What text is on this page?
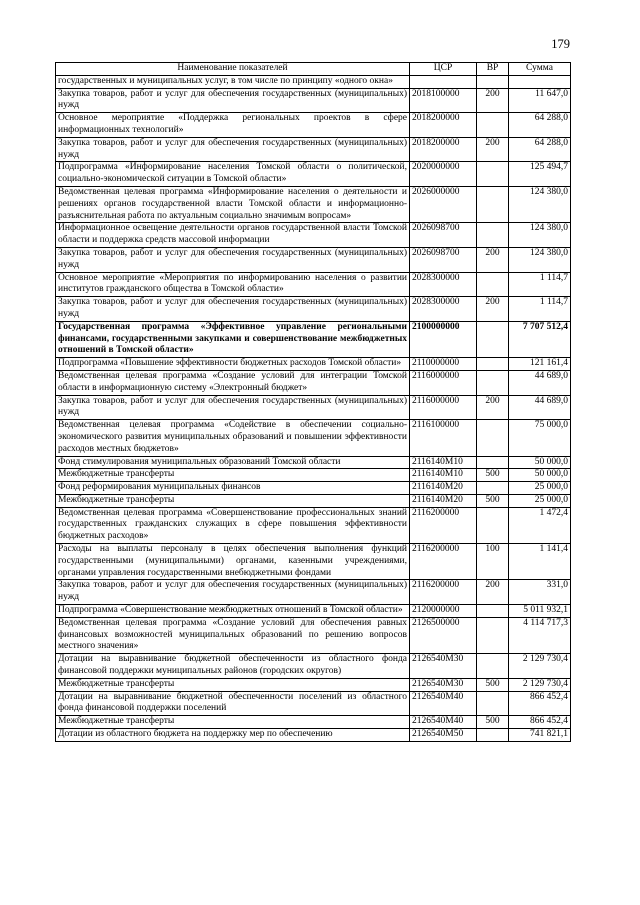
179
Наименование показателей	ЦСР	ВР	Сумма
государственных и муниципальных услуг, в том числе по принципу «одного окна»			
Закупка товаров, работ и услуг для обеспечения государственных (муниципальных) нужд	2018100000	200	11 647,0
Основное мероприятие «Поддержка региональных проектов в сфере информационных технологий»	2018200000		64 288,0
Закупка товаров, работ и услуг для обеспечения государственных (муниципальных) нужд	2018200000	200	64 288,0
Подпрограмма «Информирование населения Томской области о политической, социально-экономической ситуации в Томской области»	2020000000		125 494,7
Ведомственная целевая программа «Информирование населения о деятельности и решениях органов государственной власти Томской области и информационно-разъяснительная работа по актуальным социально значимым вопросам»	2026000000		124 380,0
Информационное освещение деятельности органов государственной власти Томской области и поддержка средств массовой информации	2026098700		124 380,0
Закупка товаров, работ и услуг для обеспечения государственных (муниципальных) нужд	2026098700	200	124 380,0
Основное мероприятие «Мероприятия по информированию населения о развитии институтов гражданского общества в Томской области»	2028300000		1 114,7
Закупка товаров, работ и услуг для обеспечения государственных (муниципальных) нужд	2028300000	200	1 114,7
Государственная программа «Эффективное управление региональными финансами, государственными закупками и совершенствование межбюджетных отношений в Томской области»	2100000000		7 707 512,4
Подпрограмма «Повышение эффективности бюджетных расходов Томской области»	2110000000		121 161,4
Ведомственная целевая программа «Создание условий для интеграции Томской области в информационную систему «Электронный бюджет»	2116000000		44 689,0
Закупка товаров, работ и услуг для обеспечения государственных (муниципальных) нужд	2116000000	200	44 689,0
Ведомственная целевая программа «Содействие в обеспечении социально-экономического развития муниципальных образований и повышении эффективности расходов местных бюджетов»	2116100000		75 000,0
Фонд стимулирования муниципальных образований Томской области	2116140М10		50 000,0
Межбюджетные трансферты	2116140М10	500	50 000,0
Фонд реформирования муниципальных финансов	2116140М20		25 000,0
Межбюджетные трансферты	2116140М20	500	25 000,0
Ведомственная целевая программа «Совершенствование профессиональных знаний государственных гражданских служащих в сфере повышения эффективности бюджетных расходов»	2116200000		1 472,4
Расходы на выплаты персоналу в целях обеспечения выполнения функций государственными (муниципальными) органами, казенными учреждениями, органами управления государственными внебюджетными фондами	2116200000	100	1 141,4
Закупка товаров, работ и услуг для обеспечения государственных (муниципальных) нужд	2116200000	200	331,0
Подпрограмма «Совершенствование межбюджетных отношений в Томской области»	2120000000		5 011 932,1
Ведомственная целевая программа «Создание условий для обеспечения равных финансовых возможностей муниципальных образований по решению вопросов местного значения»	2126500000		4 114 717,3
Дотации на выравнивание бюджетной обеспеченности из областного фонда финансовой поддержки муниципальных районов (городских округов)	2126540М30		2 129 730,4
Межбюджетные трансферты	2126540М30	500	2 129 730,4
Дотации на выравнивание бюджетной обеспеченности поселений из областного фонда финансовой поддержки поселений	2126540М40		866 452,4
Межбюджетные трансферты	2126540М40	500	866 452,4
Дотации из областного бюджета на поддержку мер по обеспечению	2126540М50		741 821,1
